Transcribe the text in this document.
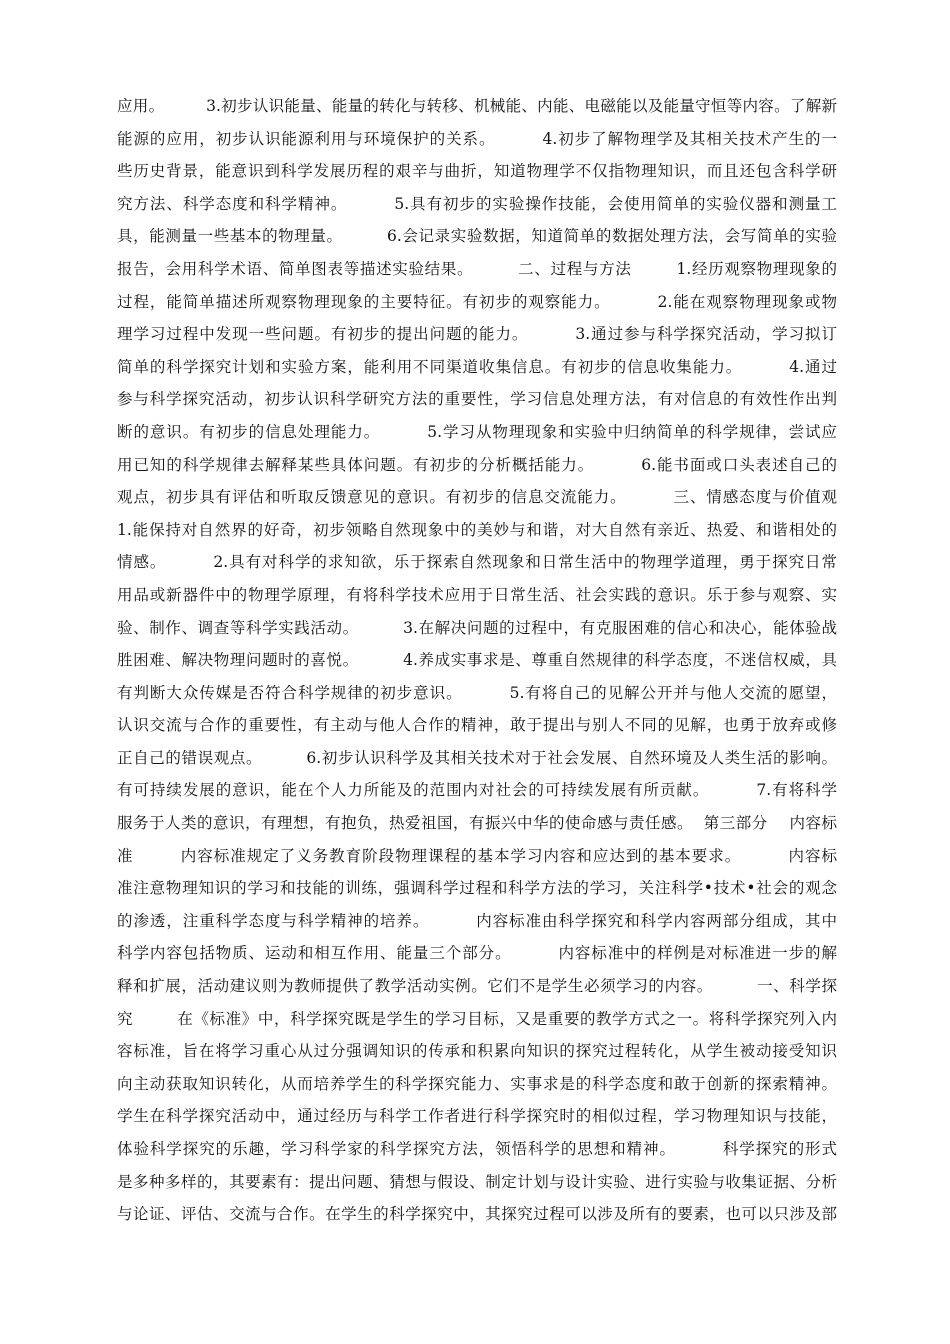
应用。        3.初步认识能量、能量的转化与转移、机械能、内能、电磁能以及能量守恒等内容。了解新
能源的应用，初步认识能源利用与环境保护的关系。        4.初步了解物理学及其相关技术产生的一
些历史背景，能意识到科学发展历程的艰辛与曲折，知道物理学不仅指物理知识，而且还包含科学研
究方法、科学态度和科学精神。        5.具有初步的实验操作技能，会使用简单的实验仪器和测量工
具，能测量一些基本的物理量。        6.会记录实验数据，知道简单的数据处理方法，会写简单的实验
报告，会用科学术语、简单图表等描述实验结果。        二、过程与方法        1.经历观察物理现象的
过程，能简单描述所观察物理现象的主要特征。有初步的观察能力。        2.能在观察物理现象或物
理学习过程中发现一些问题。有初步的提出问题的能力。        3.通过参与科学探究活动，学习拟订
简单的科学探究计划和实验方案，能利用不同渠道收集信息。有初步的信息收集能力。        4.通过
参与科学探究活动，初步认识科学研究方法的重要性，学习信息处理方法，有对信息的有效性作出判
断的意识。有初步的信息处理能力。        5.学习从物理现象和实验中归纳简单的科学规律，尝试应
用已知的科学规律去解释某些具体问题。有初步的分析概括能力。        6.能书面或口头表述自己的
观点，初步具有评估和听取反馈意见的意识。有初步的信息交流能力。        三、情感态度与价值观
1.能保持对自然界的好奇，初步领略自然现象中的美妙与和谐，对大自然有亲近、热爱、和谐相处的
情感。        2.具有对科学的求知欲，乐于探索自然现象和日常生活中的物理学道理，勇于探究日常
用品或新器件中的物理学原理，有将科学技术应用于日常生活、社会实践的意识。乐于参与观察、实
验、制作、调查等科学实践活动。        3.在解决问题的过程中，有克服困难的信心和决心，能体验战
胜困难、解决物理问题时的喜悦。        4.养成实事求是、尊重自然规律的科学态度，不迷信权威，具
有判断大众传媒是否符合科学规律的初步意识。        5.有将自己的见解公开并与他人交流的愿望，
认识交流与合作的重要性，有主动与他人合作的精神，敢于提出与别人不同的见解，也勇于放弃或修
正自己的错误观点。        6.初步认识科学及其相关技术对于社会发展、自然环境及人类生活的影响。
有可持续发展的意识，能在个人力所能及的范围内对社会的可持续发展有所贡献。        7.有将科学
服务于人类的意识，有理想，有抱负，热爱祖国，有振兴中华的使命感与责任感。  第三部分    内容标
准        内容标准规定了义务教育阶段物理课程的基本学习内容和应达到的基本要求。        内容标
准注意物理知识的学习和技能的训练，强调科学过程和科学方法的学习，关注科学•技术•社会的观念
的渗透，注重科学态度与科学精神的培养。        内容标准由科学探究和科学内容两部分组成，其中
科学内容包括物质、运动和相互作用、能量三个部分。        内容标准中的样例是对标准进一步的解
释和扩展，活动建议则为教师提供了教学活动实例。它们不是学生必须学习的内容。        一、科学探
究        在《标准》中，科学探究既是学生的学习目标，又是重要的教学方式之一。将科学探究列入内
容标准，旨在将学习重心从过分强调知识的传承和积累向知识的探究过程转化，从学生被动接受知识
向主动获取知识转化，从而培养学生的科学探究能力、实事求是的科学态度和敢于创新的探索精神。
学生在科学探究活动中，通过经历与科学工作者进行科学探究时的相似过程，学习物理知识与技能，
体验科学探究的乐趣，学习科学家的科学探究方法，领悟科学的思想和精神。        科学探究的形式
是多种多样的，其要素有：提出问题、猜想与假设、制定计划与设计实验、进行实验与收集证据、分析
与论证、评估、交流与合作。在学生的科学探究中，其探究过程可以涉及所有的要素，也可以只涉及部
